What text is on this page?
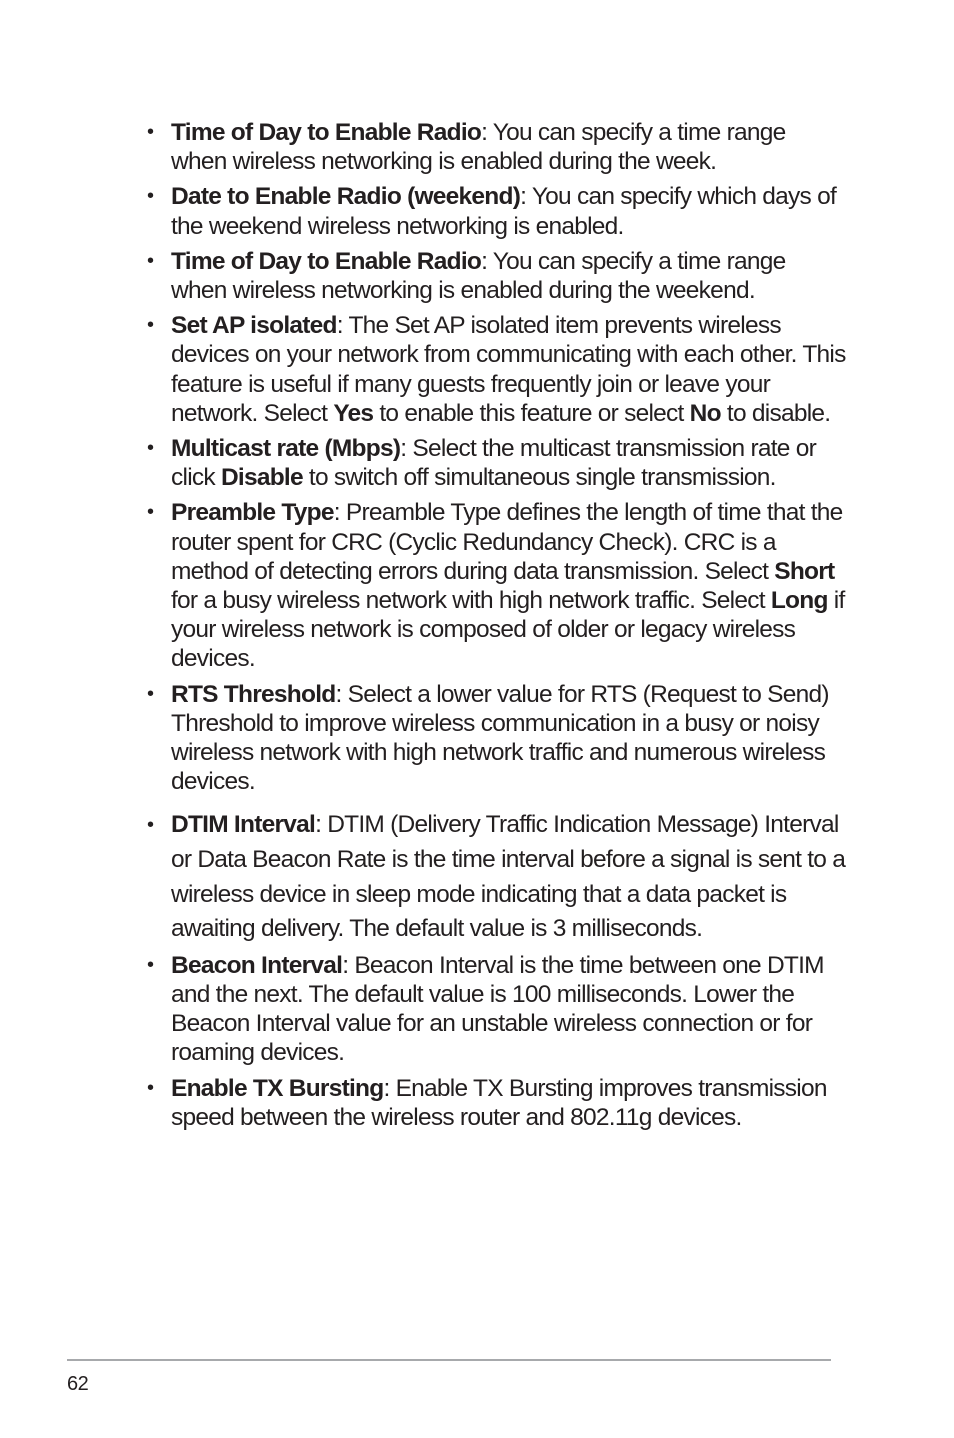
• Time of Day to Enable Radio: You can specify a time range when wireless networking is enabled during the week.
• Date to Enable Radio (weekend): You can specify which days of the weekend wireless networking is enabled.
• Time of Day to Enable Radio: You can specify a time range when wireless networking is enabled during the weekend.
• Set AP isolated: The Set AP isolated item prevents wireless devices on your network from communicating with each other. This feature is useful if many guests frequently join or leave your network. Select Yes to enable this feature or select No to disable.
• Multicast rate (Mbps): Select the multicast transmission rate or click Disable to switch off simultaneous single transmission.
• Preamble Type: Preamble Type defines the length of time that the router spent for CRC (Cyclic Redundancy Check). CRC is a method of detecting errors during data transmission. Select Short for a busy wireless network with high network traffic. Select Long if your wireless network is composed of older or legacy wireless devices.
• RTS Threshold: Select a lower value for RTS (Request to Send) Threshold to improve wireless communication in a busy or noisy wireless network with high network traffic and numerous wireless devices.
• DTIM Interval: DTIM (Delivery Traffic Indication Message) Interval or Data Beacon Rate is the time interval before a signal is sent to a wireless device in sleep mode indicating that a data packet is awaiting delivery. The default value is 3 milliseconds.
• Beacon Interval: Beacon Interval is the time between one DTIM and the next. The default value is 100 milliseconds. Lower the Beacon Interval value for an unstable wireless connection or for roaming devices.
• Enable TX Bursting: Enable TX Bursting improves transmission speed between the wireless router and 802.11g devices.
62
